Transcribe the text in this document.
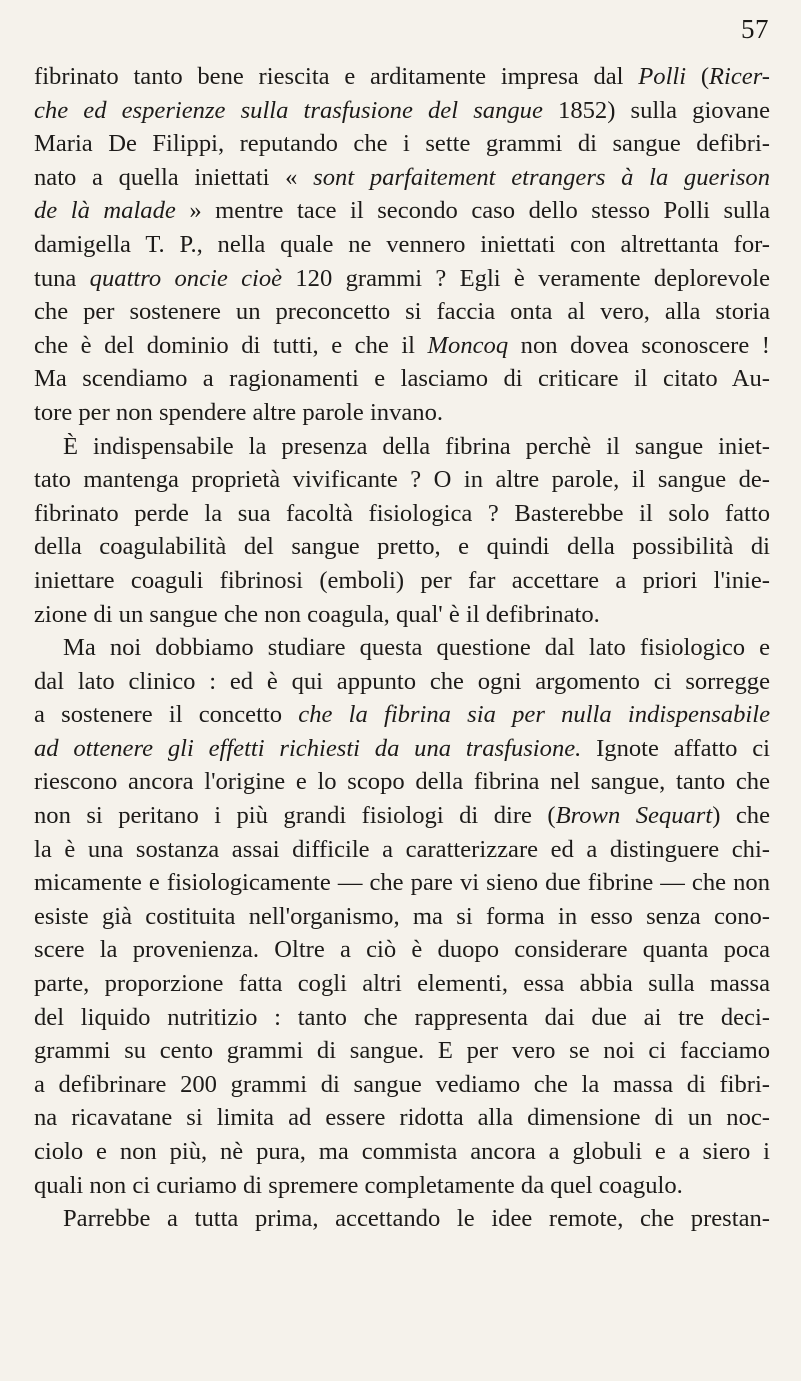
57
fibrinato tanto bene riescita e arditamente impresa dal Polli (Ricer-
che ed esperienze sulla trasfusione del sangue 1852) sulla giovane
Maria De Filippi, reputando che i sette grammi di sangue defibri-
nato a quella iniettati « sont parfaitement etrangers à la guerison
de là malade » mentre tace il secondo caso dello stesso Polli sulla
damigella T. P., nella quale ne vennero iniettati con altrettanta for-
tuna quattro oncie cioè 120 grammi ? Egli è veramente deplorevole
che per sostenere un preconcetto si faccia onta al vero, alla storia
che è del dominio di tutti, e che il Moncoq non dovea sconoscere !
Ma scendiamo a ragionamenti e lasciamo di criticare il citato Au-
tore per non spendere altre parole invano.
È indispensabile la presenza della fibrina perchè il sangue iniet-
tato mantenga proprietà vivificante ? O in altre parole, il sangue de-
fibrinato perde la sua facoltà fisiologica ? Basterebbe il solo fatto
della coagulabilità del sangue pretto, e quindi della possibilità di
iniettare coaguli fibrinosi (emboli) per far accettare a priori l'inie-
zione di un sangue che non coagula, qual' è il defibrinato.
Ma noi dobbiamo studiare questa questione dal lato fisiologico e
dal lato clinico : ed è qui appunto che ogni argomento ci sorregge
a sostenere il concetto che la fibrina sia per nulla indispensabile
ad ottenere gli effetti richiesti da una trasfusione. Ignote affatto ci
riescono ancora l'origine e lo scopo della fibrina nel sangue, tanto che
non si peritano i più grandi fisiologi di dire (Brown Sequart) che
la è una sostanza assai difficile a caratterizzare ed a distinguere chi-
micamente e fisiologicamente — che pare vi sieno due fibrine — che non
esiste già costituita nell'organismo, ma si forma in esso senza cono-
scere la provenienza. Oltre a ciò è duopo considerare quanta poca
parte, proporzione fatta cogli altri elementi, essa abbia sulla massa
del liquido nutritizio : tanto che rappresenta dai due ai tre deci-
grammi su cento grammi di sangue. E per vero se noi ci facciamo
a defibrinare 200 grammi di sangue vediamo che la massa di fibri-
na ricavatane si limita ad essere ridotta alla dimensione di un noc-
ciolo e non più, nè pura, ma commista ancora a globuli e a siero i
quali non ci curiamo di spremere completamente da quel coagulo.
Parrebbe a tutta prima, accettando le idee remote, che prestan-
